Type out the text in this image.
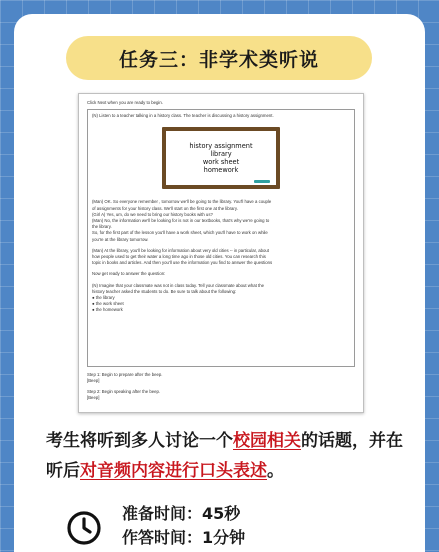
任务三：非学术类听说
Click Next when you are ready to begin.
(N) Listen to a teacher talking in a history class. The teacher is discussing a history assignment.
history assignment
library
work sheet
homework
(Man) OK. So everyone remember , tomorrow we'll be going to the library. You'll have a couple
of assignments for your history class. We'll start on the first one at the library.
(Girl A) Yes, um, do we need to bring our history books with us?
(Man) No, the information we'll be looking for is not in our textbooks, that's why we're going to
the library.
So, for the first part of the lesson you'll have a work sheet, which you'll have to work on while
you're at the library tomorrow.
(Man) At the library, you'll be looking for information about very old cities -- in particular, about
how people used to get their water a long time ago in those old cities. You can research this
topic in books and articles. And then you'll use the information you find to answer the questions
Now get ready to answer the question:
(N) Imagine that your classmate was not in class today. Tell your classmate about what the
history teacher asked the students to do. Be sure to talk about the following:
● the library
● the work sheet
● the homework
Step 1: Begin to prepare after the beep.
[Beep]
Step 2: Begin speaking after the beep.
[Beep]
考生将听到多人讨论一个校园相关的话题，并在听后对音频内容进行口头表述。
准备时间：45秒
作答时间：1分钟
